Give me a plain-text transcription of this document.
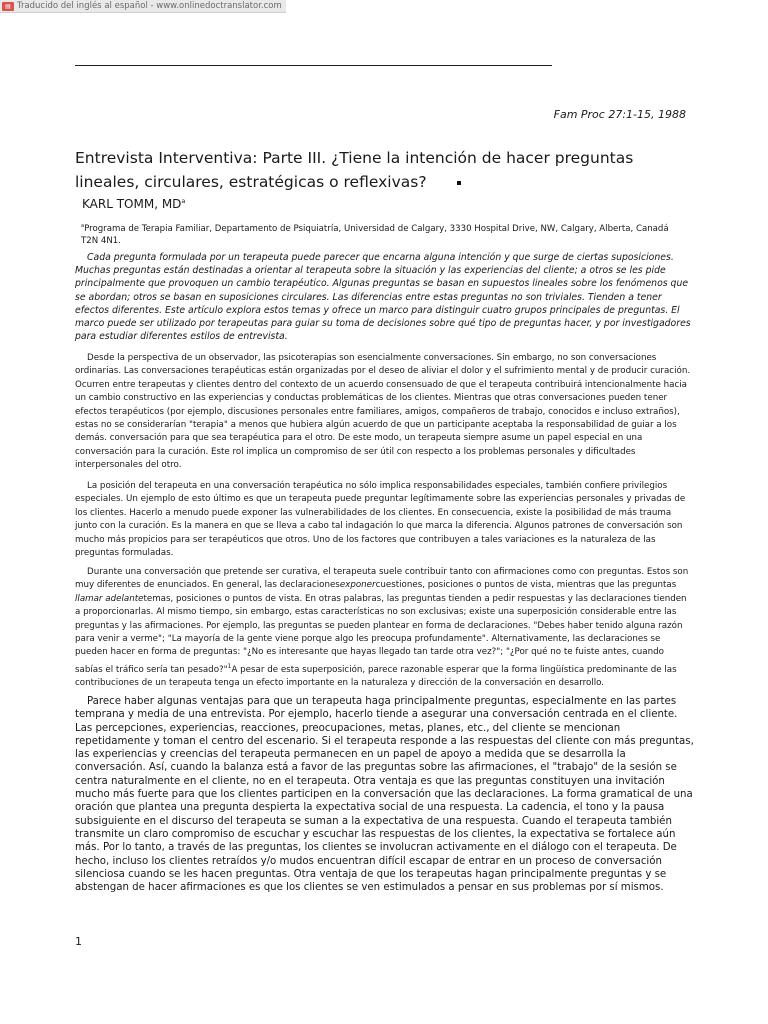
▤ Traducido del inglés al español - www.onlinedoctranslator.com
Fam Proc 27:1-15, 1988
Entrevista Interventiva: Parte III. ¿Tiene la intención de hacer preguntas lineales, circulares, estratégicas o reflexivas?
KARL TOMM, $MD^a$
$^a$Programa de Terapia Familiar, Departamento de Psiquiatría, Universidad de Calgary, 3330 Hospital Drive, NW, Calgary, Alberta, Canadá T2N 4N1.

Cada pregunta formulada por un terapeuta puede parecer que encarna alguna intención y que surge de ciertas suposiciones. Muchas preguntas están destinadas a orientar al terapeuta sobre la situación y las experiencias del cliente; a otros se les pide principalmente que provoquen un cambio terapéutico. Algunas preguntas se basan en supuestos lineales sobre los fenómenos que se abordan; otros se basan en suposiciones circulares. Las diferencias entre estas preguntas no son triviales. Tienden a tener efectos diferentes. Este artículo explora estos temas y ofrece un marco para distinguir cuatro grupos principales de preguntas. El marco puede ser utilizado por terapeutas para guiar su toma de decisiones sobre qué tipo de preguntas hacer, y por investigadores para estudiar diferentes estilos de entrevista.

Desde la perspectiva de un observador, las psicoterapias son esencialmente conversaciones. Sin embargo, no son conversaciones ordinarias. Las conversaciones terapéuticas están organizadas por el deseo de aliviar el dolor y el sufrimiento mental y de producir curación. Ocurren entre terapeutas y clientes dentro del contexto de un acuerdo consensuado de que el terapeuta contribuirá intencionalmente hacia un cambio constructivo en las experiencias y conductas problemáticas de los clientes. Mientras que otras conversaciones pueden tener efectos terapéuticos (por ejemplo, discusiones personales entre familiares, amigos, compañeros de trabajo, conocidos e incluso extraños), estas no se considerarían "terapia" a menos que hubiera algún acuerdo de que un participante aceptaba la responsabilidad de guiar a los demás. conversación para que sea terapéutica para el otro. De este modo, un terapeuta siempre asume un papel especial en una conversación para la curación. Este rol implica un compromiso de ser útil con respecto a los problemas personales y dificultades interpersonales del otro.

La posición del terapeuta en una conversación terapéutica no sólo implica responsabilidades especiales, también confiere privilegios especiales. Un ejemplo de esto último es que un terapeuta puede preguntar legítimamente sobre las experiencias personales y privadas de los clientes. Hacerlo a menudo puede exponer las vulnerabilidades de los clientes. En consecuencia, existe la posibilidad de más trauma junto con la curación. Es la manera en que se lleva a cabo tal indagación lo que marca la diferencia. Algunos patrones de conversación son mucho más propicios para ser terapéuticos que otros. Uno de los factores que contribuyen a tales variaciones es la naturaleza de las preguntas formuladas.

Durante una conversación que pretende ser curativa, el terapeuta suele contribuir tanto con afirmaciones como con preguntas. Estos son muy diferentes de enunciados. En general, las declaracionesexponercuestiones, posiciones o puntos de vista, mientras que las preguntas llamar adelantetemas, posiciones o puntos de vista. En otras palabras, las preguntas tienden a pedir respuestas y las declaraciones tienden a proporcionarlas. Al mismo tiempo, sin embargo, estas características no son exclusivas; existe una superposición considerable entre las preguntas y las afirmaciones. Por ejemplo, las preguntas se pueden plantear en forma de declaraciones. "Debes haber tenido alguna razón para venir a verme"; "La mayoría de la gente viene porque algo les preocupa profundamente". Alternativamente, las declaraciones se pueden hacer en forma de preguntas: "¿No es interesante que hayas llegado tan tarde otra vez?"; "¿Por qué no te fuiste antes, cuando sabías el tráfico sería tan pesado?"$^1$A pesar de esta superposición, parece razonable esperar que la forma lingüística predominante de las contribuciones de un terapeuta tenga un efecto importante en la naturaleza y dirección de la conversación en desarrollo.

Parece haber algunas ventajas para que un terapeuta haga principalmente preguntas, especialmente en las partes temprana y media de una entrevista. Por ejemplo, hacerlo tiende a asegurar una conversación centrada en el cliente. Las percepciones, experiencias, reacciones, preocupaciones, metas, planes, etc., del cliente se mencionan repetidamente y toman el centro del escenario. Si el terapeuta responde a las respuestas del cliente con más preguntas, las experiencias y creencias del terapeuta permanecen en un papel de apoyo a medida que se desarrolla la conversación. Así, cuando la balanza está a favor de las preguntas sobre las afirmaciones, el "trabajo" de la sesión se centra naturalmente en el cliente, no en el terapeuta. Otra ventaja es que las preguntas constituyen una invitación mucho más fuerte para que los clientes participen en la conversación que las declaraciones. La forma gramatical de una oración que plantea una pregunta despierta la expectativa social de una respuesta. La cadencia, el tono y la pausa subsiguiente en el discurso del terapeuta se suman a la expectativa de una respuesta. Cuando el terapeuta también transmite un claro compromiso de escuchar y escuchar las respuestas de los clientes, la expectativa se fortalece aún más. Por lo tanto, a través de las preguntas, los clientes se involucran activamente en el diálogo con el terapeuta. De hecho, incluso los clientes retraídos y/o mudos encuentran difícil escapar de entrar en un proceso de conversación silenciosa cuando se les hacen preguntas. Otra ventaja de que los terapeutas hagan principalmente preguntas y se abstengan de hacer afirmaciones es que los clientes se ven estimulados a pensar en sus problemas por sí mismos.

1
